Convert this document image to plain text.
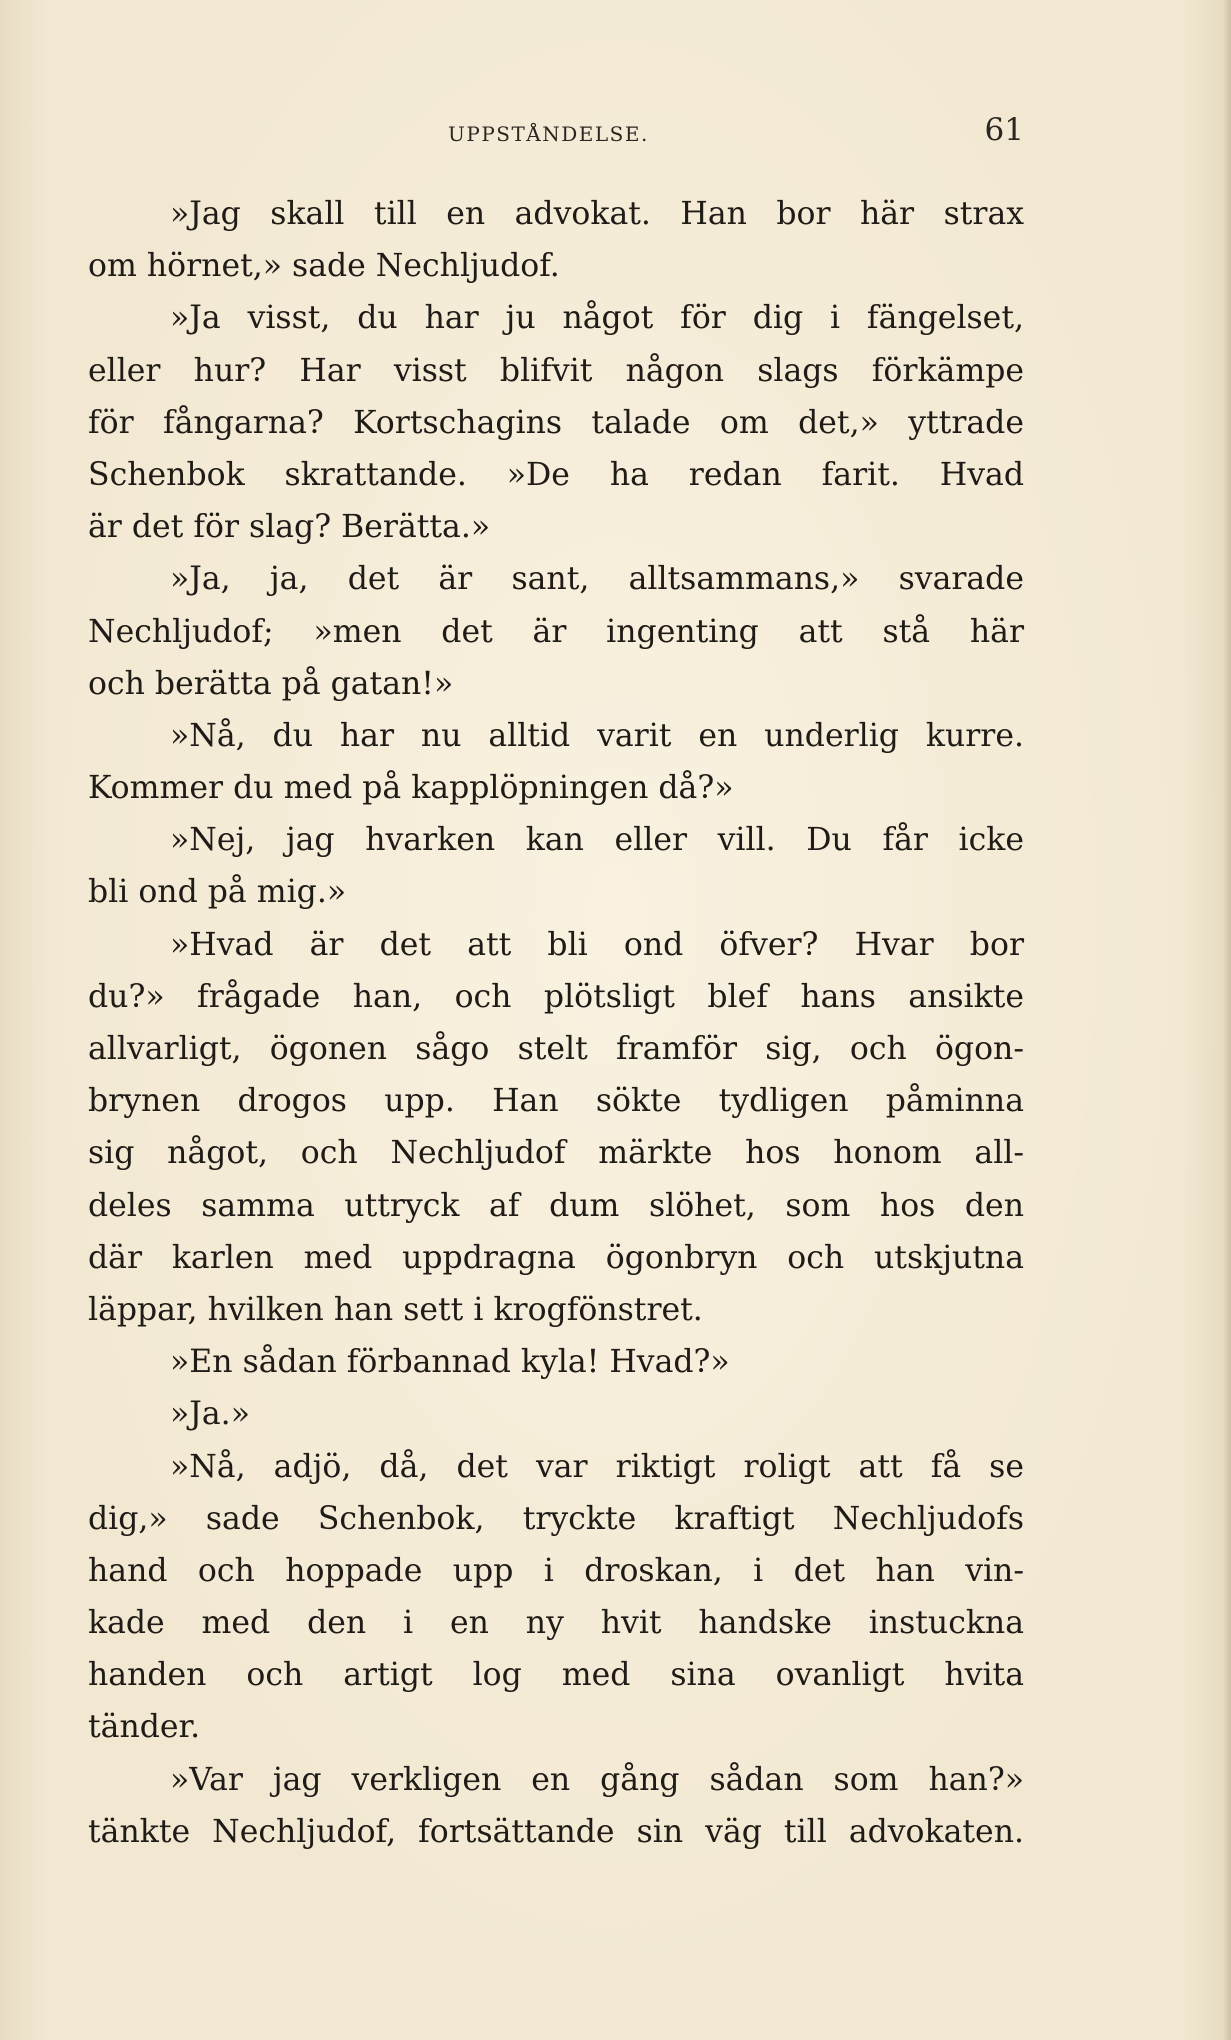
UPPSTÅNDELSE.	61
»Jag skall till en advokat. Han bor här strax
om hörnet,» sade Nechljudof.
»Ja visst, du har ju något för dig i fängelset,
eller hur? Har visst blifvit någon slags förkämpe
för fångarna? Kortschagins talade om det,» yttrade
Schenbok skrattande. »De ha redan farit. Hvad
är det för slag? Berätta.»
»Ja, ja, det är sant, alltsammans,» svarade
Nechljudof; »men det är ingenting att stå här
och berätta på gatan!»
»Nå, du har nu alltid varit en underlig kurre.
Kommer du med på kapplöpningen då?»
»Nej, jag hvarken kan eller vill. Du får icke
bli ond på mig.»
»Hvad är det att bli ond öfver? Hvar bor
du?» frågade han, och plötsligt blef hans ansikte
allvarligt, ögonen sågo stelt framför sig, och ögon-
brynen drogos upp. Han sökte tydligen påminna
sig något, och Nechljudof märkte hos honom all-
deles samma uttryck af dum slöhet, som hos den
där karlen med uppdragna ögonbryn och utskjutna
läppar, hvilken han sett i krogfönstret.
»En sådan förbannad kyla! Hvad?»
»Ja.»
»Nå, adjö, då, det var riktigt roligt att få se
dig,» sade Schenbok, tryckte kraftigt Nechljudofs
hand och hoppade upp i droskan, i det han vin-
kade med den i en ny hvit handske instuckna
handen och artigt log med sina ovanligt hvita
tänder.
»Var jag verkligen en gång sådan som han?»
tänkte Nechljudof, fortsättande sin väg till advokaten.
